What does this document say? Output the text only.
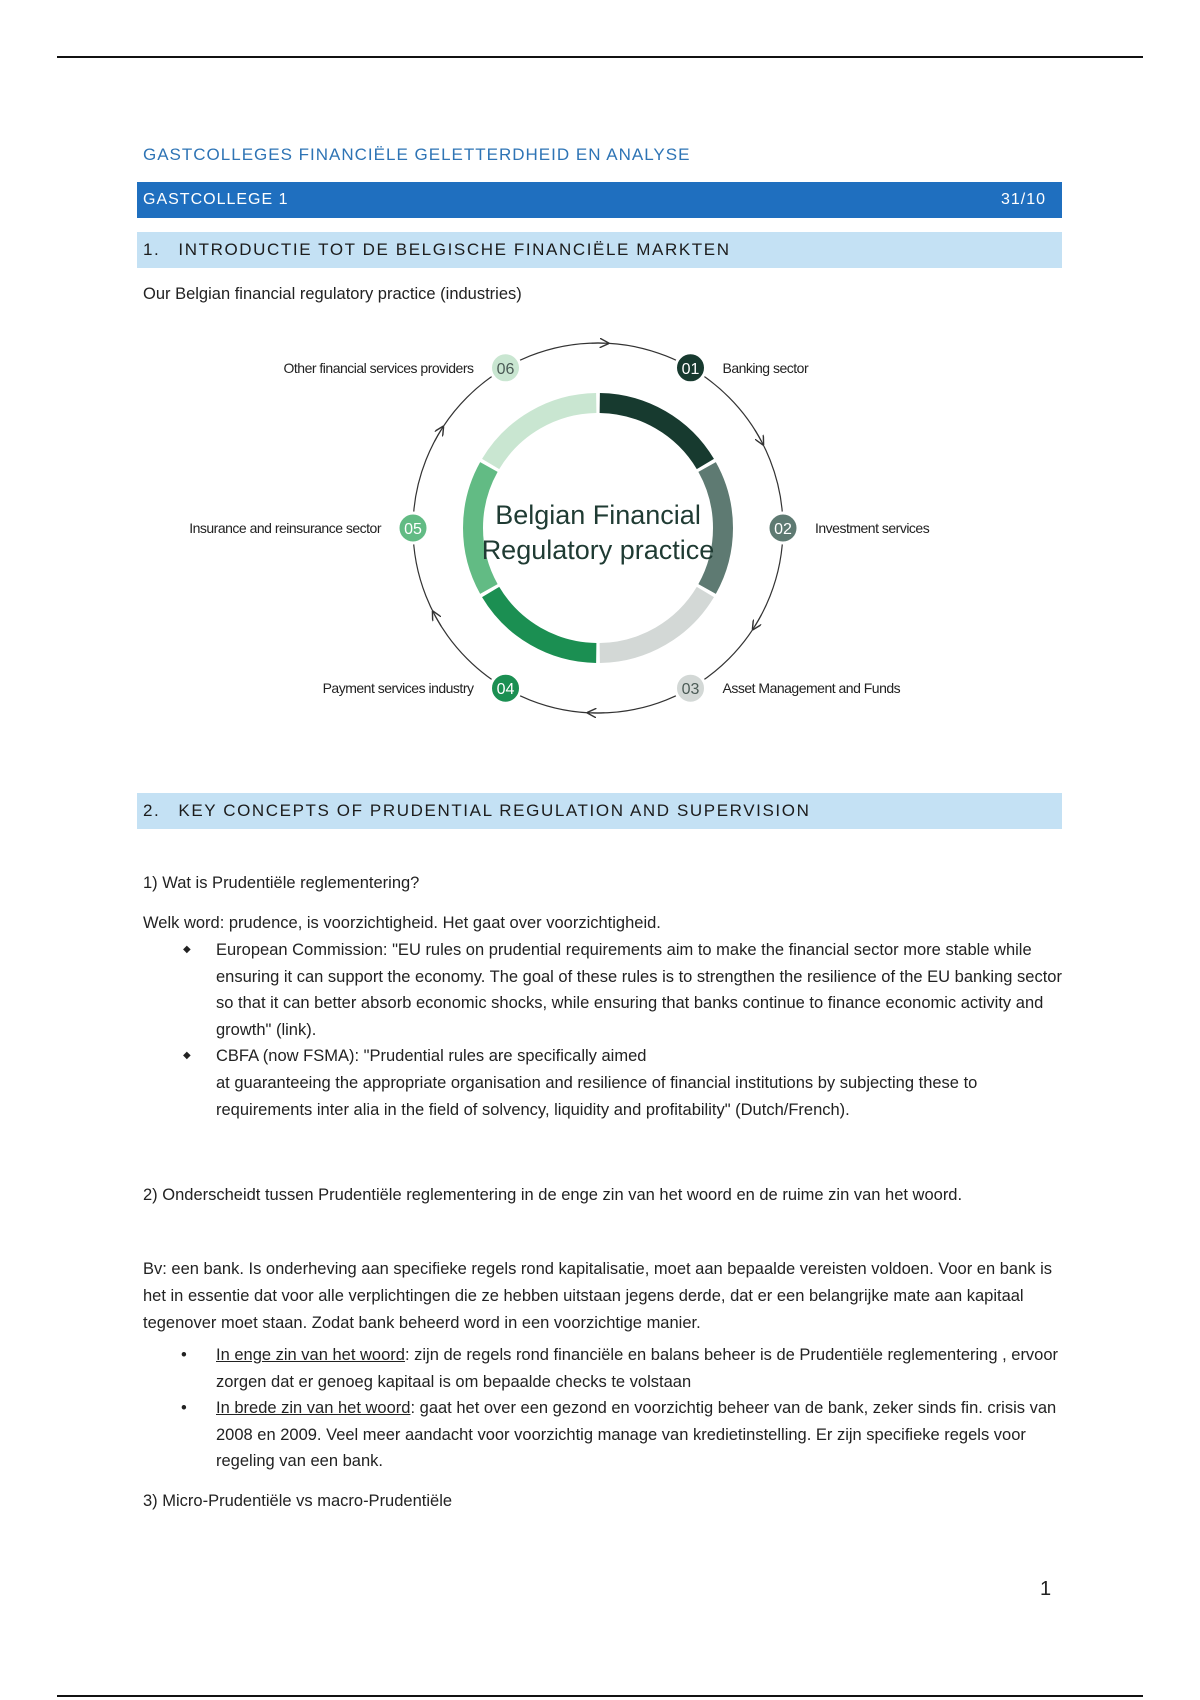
GASTCOLLEGES FINANCIËLE GELETTERDHEID EN ANALYSE
GASTCOLLEGE 1	31/10
1. INTRODUCTIE TOT DE BELGISCHE FINANCIËLE MARKTEN
Our Belgian financial regulatory practice (industries)
Belgian Financial
Regulatory practice
01 Banking sector
02 Investment services
03 Asset Management and Funds
04
Payment services industry
05
Insurance and reinsurance sector
06
Other financial services providers
2. KEY CONCEPTS OF PRUDENTIAL REGULATION AND SUPERVISION
1) Wat is Prudentiële reglementering?
Welk word: prudence, is voorzichtigheid. Het gaat over voorzichtigheid.
◆ European Commission: "EU rules on prudential requirements aim to make the financial sector more stable while ensuring it can support the economy. The goal of these rules is to strengthen the resilience of the EU banking sector so that it can better absorb economic shocks, while ensuring that banks continue to finance economic activity and growth" (link).
◆ CBFA (now FSMA): "Prudential rules are specifically aimed
at guaranteeing the appropriate organisation and resilience of financial institutions by subjecting these to requirements inter alia in the field of solvency, liquidity and profitability" (Dutch/French).
2) Onderscheidt tussen Prudentiële reglementering in de enge zin van het woord en de ruime zin van het woord.
Bv: een bank. Is onderheving aan specifieke regels rond kapitalisatie, moet aan bepaalde vereisten voldoen. Voor en bank is het in essentie dat voor alle verplichtingen die ze hebben uitstaan jegens derde, dat er een belangrijke mate aan kapitaal tegenover moet staan. Zodat bank beheerd word in een voorzichtige manier.
• In enge zin van het woord: zijn de regels rond financiële en balans beheer is de Prudentiële reglementering , ervoor zorgen dat er genoeg kapitaal is om bepaalde checks te volstaan
• In brede zin van het woord: gaat het over een gezond en voorzichtig beheer van de bank, zeker sinds fin. crisis van 2008 en 2009. Veel meer aandacht voor voorzichtig manage van kredietinstelling. Er zijn specifieke regels voor regeling van een bank.
3) Micro-Prudentiële vs macro-Prudentiële
1
